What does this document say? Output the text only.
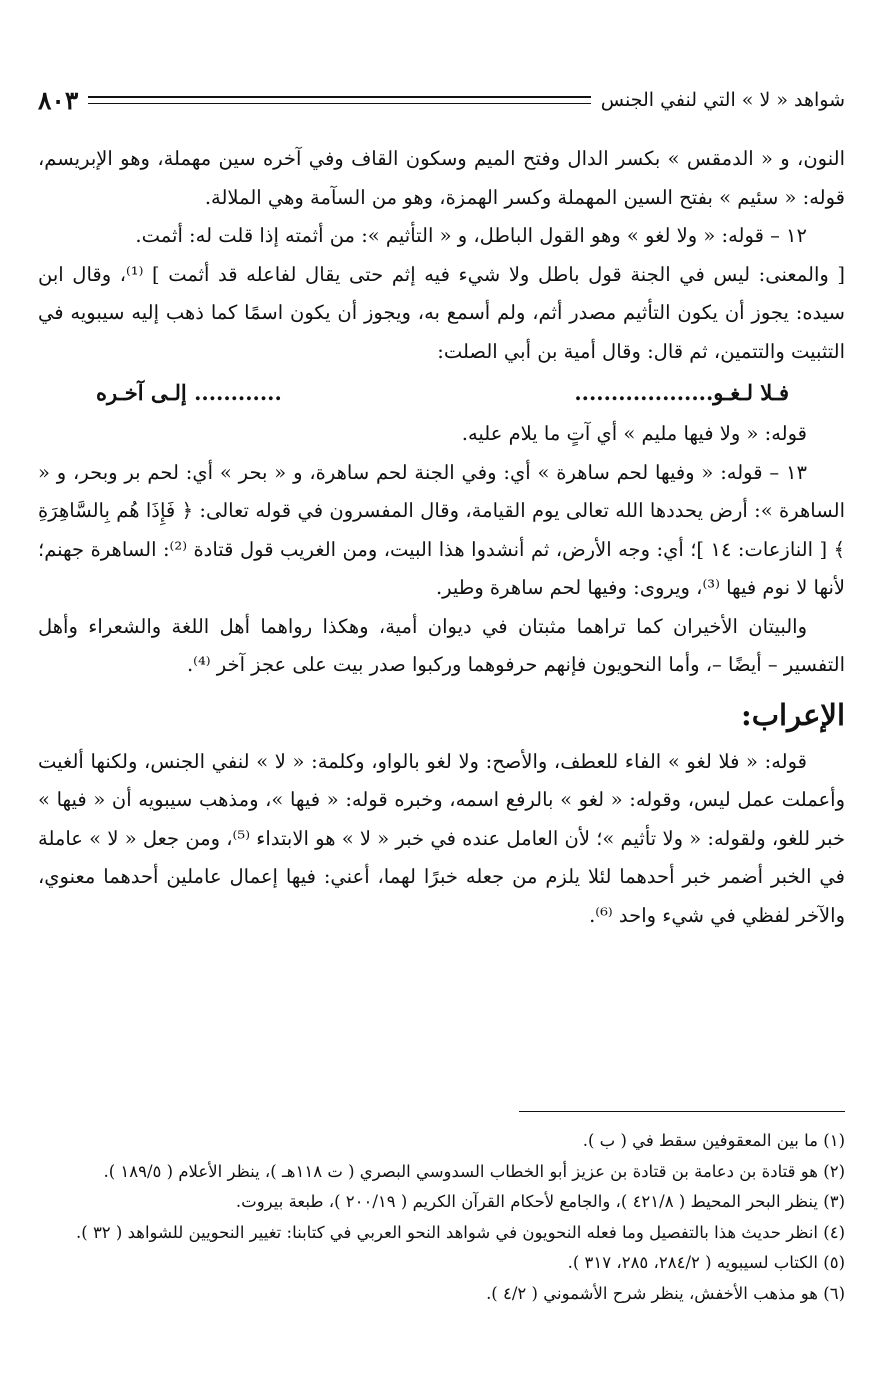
شواهد « لا » التي لنفي الجنس
٨٠٣

النون، و « الدمقس » بكسر الدال وفتح الميم وسكون القاف وفي آخره سين مهملة، وهو الإبريسم، قوله: « سئيم » بفتح السين المهملة وكسر الهمزة، وهو من السآمة وهي الملالة.

١٢ – قوله: « ولا لغو » وهو القول الباطل، و « التأثيم »: من أثمته إذا قلت له: أثمت.

[ والمعنى: ليس في الجنة قول باطل ولا شيء فيه إثم حتى يقال لفاعله قد أثمت ] ⁽¹⁾، وقال ابن سيده: يجوز أن يكون التأثيم مصدر أثم، ولم أسمع به، ويجوز أن يكون اسمًا كما ذهب إليه سيبويه في التثبيت والتتمين، ثم قال: وقال أمية بن أبي الصلت:

فـلا لـغـو...................
............ إلـى آخـره

قوله: « ولا فيها مليم » أي آتٍ ما يلام عليه.

١٣ – قوله: « وفيها لحم ساهرة » أي: وفي الجنة لحم ساهرة، و « بحر » أي: لحم بر وبحر، و « الساهرة »: أرض يحددها الله تعالى يوم القيامة، وقال المفسرون في قوله تعالى: ﴿ فَإِذَا هُم بِالسَّاهِرَةِ ﴾ [ النازعات: ١٤ ]؛ أي: وجه الأرض، ثم أنشدوا هذا البيت، ومن الغريب قول قتادة ⁽²⁾: الساهرة جهنم؛ لأنها لا نوم فيها ⁽³⁾، ويروى: وفيها لحم ساهرة وطير.

والبيتان الأخيران كما تراهما مثبتان في ديوان أمية، وهكذا رواهما أهل اللغة والشعراء وأهل التفسير – أيضًا –، وأما النحويون فإنهم حرفوهما وركبوا صدر بيت على عجز آخر ⁽⁴⁾.

الإعراب:

قوله: « فلا لغو » الفاء للعطف، والأصح: ولا لغو بالواو، وكلمة: « لا » لنفي الجنس، ولكنها ألغيت وأعملت عمل ليس، وقوله: « لغو » بالرفع اسمه، وخبره قوله: « فيها »، ومذهب سيبويه أن « فيها » خبر للغو، ولقوله: « ولا تأثيم »؛ لأن العامل عنده في خبر « لا » هو الابتداء ⁽⁵⁾، ومن جعل « لا » عاملة في الخبر أضمر خبر أحدهما لئلا يلزم من جعله خبرًا لهما، أعني: فيها إعمال عاملين أحدهما معنوي، والآخر لفظي في شيء واحد ⁽⁶⁾.

(١) ما بين المعقوفين سقط في ( ب ).

(٢) هو قتادة بن دعامة بن قتادة بن عزيز أبو الخطاب السدوسي البصري ( ت ١١٨هـ )، ينظر الأعلام ( ١٨٩/٥ ).

(٣) ينظر البحر المحيط ( ٤٢١/٨ )، والجامع لأحكام القرآن الكريم ( ٢٠٠/١٩ )، طبعة بيروت.

(٤) انظر حديث هذا بالتفصيل وما فعله النحويون في شواهد النحو العربي في كتابنا: تغيير النحويين للشواهد ( ٣٢ ).

(٥) الكتاب لسيبويه ( ٢٨٤/٢، ٢٨٥، ٣١٧ ).

(٦) هو مذهب الأخفش، ينظر شرح الأشموني ( ٤/٢ ).
